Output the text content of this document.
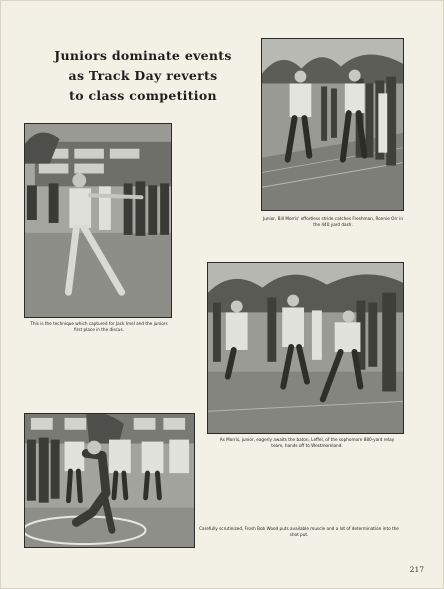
Juniors dominate events
as Track Day reverts
to class competition
Junior, Bill Morris' effortless stride catches Freshman, Ronnie Orr in the 440 yard dash.
This is the technique which captured for Jack Imel and the juniors first place in the discus.
As Morris, junior, eagerly awaits the baton, Leffel, of the sophomore 880-yard relay team, hands off to Westmoreland.
Carefully scrutinized, Frosh Bob Wood puts available muscle and a lot of determination into the shot put.
217
